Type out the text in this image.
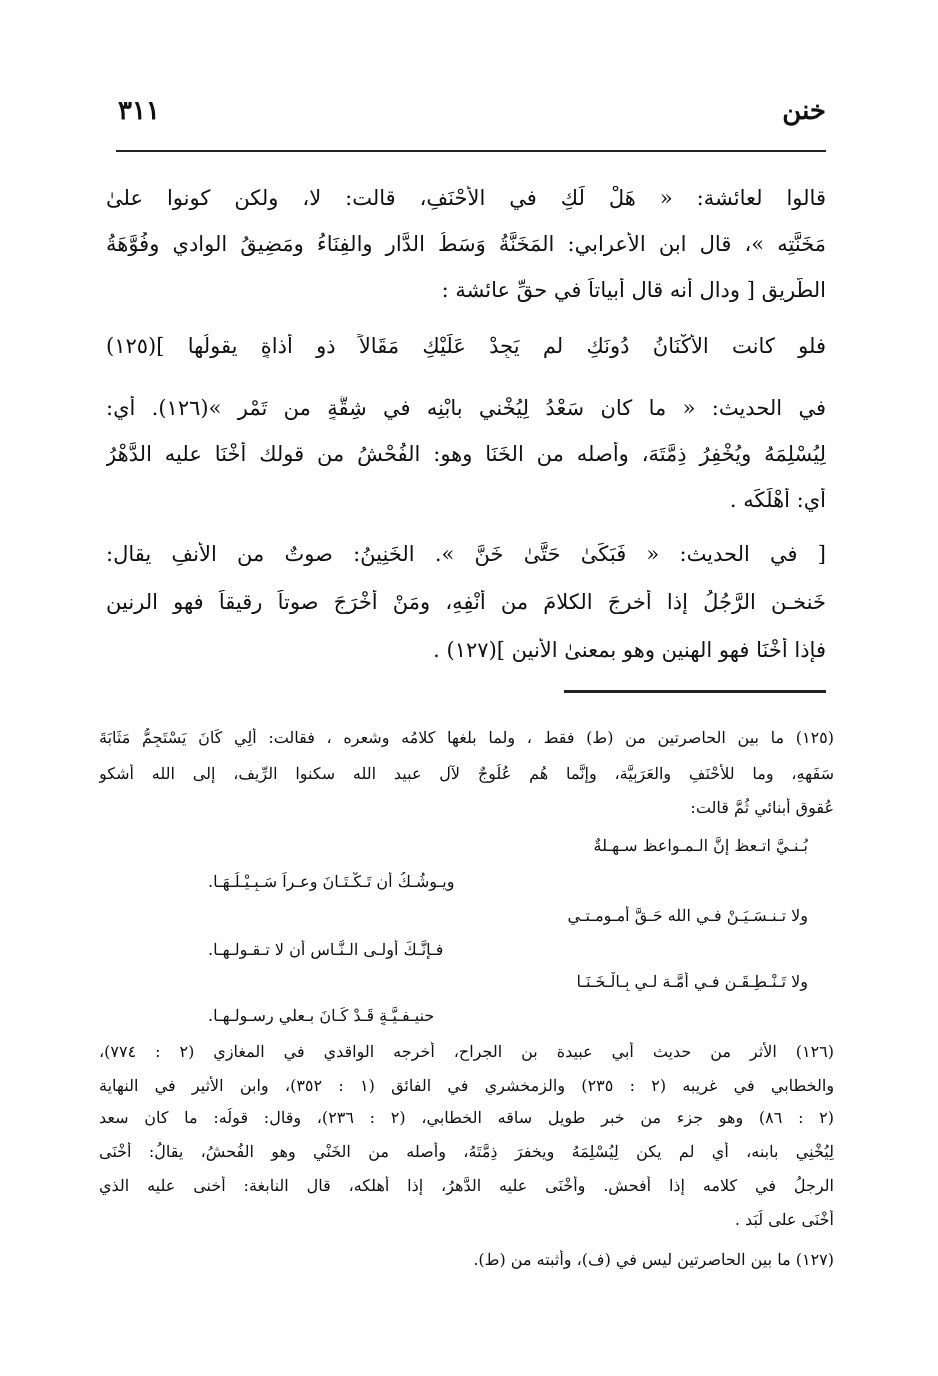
خنن
٣١١
قالوا لعائشة: « هَلْ لَكِ في الأَحْنَفِ، قالت: لا، ولكن كونوا علىٰ
مَخَنَّتِه »، قال ابن الأعرابي: المَخَنَّةُ وَسَطُ الدَّارِ والفِنَاءُ ومَضِيقُ الوادي وفُوَّهَةُ
الطَّرِيقِ [ ودال أنه قال أبياتاً في حقِّ عائشة :
فلو كانت الأكْنَانُ دُونَكِ لم يَجِدْ عَلَيْكِ مَقَالاً ذو أَذاةٍ يقولُها ](١٢٥)
في الحديث: « ما كان سَعْدُ لِيُخْني بابْنِه في شِقَّةٍ من تَمْرٍ »(١٢٦). أي:
لِيُسْلِمَهُ ويُخْفِرُ ذِمَّتَهَ، وأصله من الخَنَا وهو: الفُحْشُ من قولك أَخْنَا عليه الدَّهْرُ
أي: أَهْلَكَه .
[ في الحديث: « فَبَكَىٰ حَتَّىٰ خَنَّ ». الخَنِينُ: صوتٌ من الأنفِ يقال:
خَنخـن الرَّجُلُ إذا أخرجَ الكلامَ من أَنْفِهِ، ومَنْ أَخْرَجَ صوتاً رقيقاً فهو الرنين
فإذا أَخْنَا فهو الهنين وهو بمعنىٰ الأنين ](١٢٧) .
(١٢٥) ما بين الحاصرتين من (ط) فقط ، ولما بلغها كلامُه وشعره ، فقالت: أَلِي كَانَ يَسْتَجِمُّ مَثَابَةَ
سَفَهِهِ، وما للأَحْنَفِ والعَرَبِيَّة، وإنَّما هُم عُلُوجٌ لآل عبيد الله سكنوا الرِّيف، إلى الله أشكو
عُقوق أبنائي ثُمَّ قالت:
بُـنـيَّ اتـعظ إنَّ الـمـواعظ سـهـلةٌ
ويـوشُـكُ أن تَـكْـتَـانَ وعـراً سَـبِـيْـلُـهَـا.
ولا تـنـسَـيَـنْ فـي الله حَـقَّ أُمـومـتـي
فـإنَّـكَ أولـى الـنَّـاس أن لا تـقـولـهـا.
ولا تَـنْـطِـقَـن فـي أمَّـة لـي بِـالْـخَـنَـا
حنيـفـيَّـةٍ قَـدْ كَـانَ بـعلي رسـولـهـا.
(١٢٦) الأثر من حديث أبي عبيدة بن الجراح، أخرجه الواقدي في المغازي (٢ : ٧٧٤)،
والخطابي في غريبه (٢ : ٢٣٥) والزمخشري في الفائق (١ : ٣٥٢)، وابن الأثير في النهاية
(٢ : ٨٦) وهو جزء من خبر طويل ساقه الخطابي، (٢ : ٢٣٦)، وقال: قولُه: ما كان سعد
لِيُخْنِي بابنه، أي لم يكن لِيُسْلِمَهُ ويخفرَ ذِمَّتَهُ، وأصله من الخَنْي وهو الفُحشُ، يقالُ: أَخْنَى
الرجلُ في كلامه إذا أفحش. وأَخْنَى عليه الدَّهرُ، إذا أهلكه، قال النابغة: أخنى عليه الذي
أَخْنَى على لُبَد .
(١٢٧) ما بين الحاصرتين ليس في (ف)، وأثبته من (ط).
